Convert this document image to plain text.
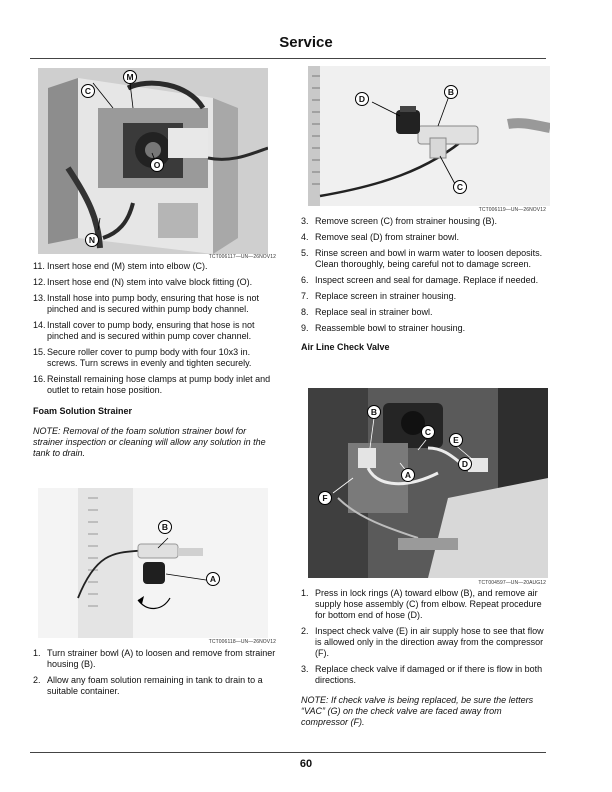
Service
M
C
O
N
TCT006117—UN—26NOV12
D
B
C
TCT006119—UN—26NOV12
11. Insert hose end (M) stem into elbow (C).
12. Insert hose end (N) stem into valve block fitting (O).
13. Install hose into pump body, ensuring that hose is not pinched and is secured within pump body channel.
14. Install cover to pump body, ensuring that hose is not pinched and is secured within pump cover channel.
15. Secure roller cover to pump body with four 10x3 in. screws. Turn screws in evenly and tighten securely.
16. Reinstall remaining hose clamps at pump body inlet and outlet to retain hose position.

Foam Solution Strainer

NOTE: Removal of the foam solution strainer bowl for strainer inspection or cleaning will allow any solution in the tank to drain.
B
A
TCT006118—UN—26NOV12
1. Turn strainer bowl (A) to loosen and remove from strainer housing (B).
2. Allow any foam solution remaining in tank to drain to a suitable container.
3. Remove screen (C) from strainer housing (B).
4. Remove seal (D) from strainer bowl.
5. Rinse screen and bowl in warm water to loosen deposits. Clean thoroughly, being careful not to damage screen.
6. Inspect screen and seal for damage. Replace if needed.
7. Replace screen in strainer housing.
8. Replace seal in strainer bowl.
9. Reassemble bowl to strainer housing.

Air Line Check Valve

B
C
E
D
A
F
TCT004597—UN—20AUG12
1. Press in lock rings (A) toward elbow (B), and remove air supply hose assembly (C) from elbow. Repeat procedure for bottom end of hose (D).
2. Inspect check valve (E) in air supply hose to see that flow is allowed only in the direction away from the compressor (F).
3. Replace check valve if damaged or if there is flow in both directions.
NOTE: If check valve is being replaced, be sure the letters “VAC” (G) on the check valve are faced away from compressor (F).
60
